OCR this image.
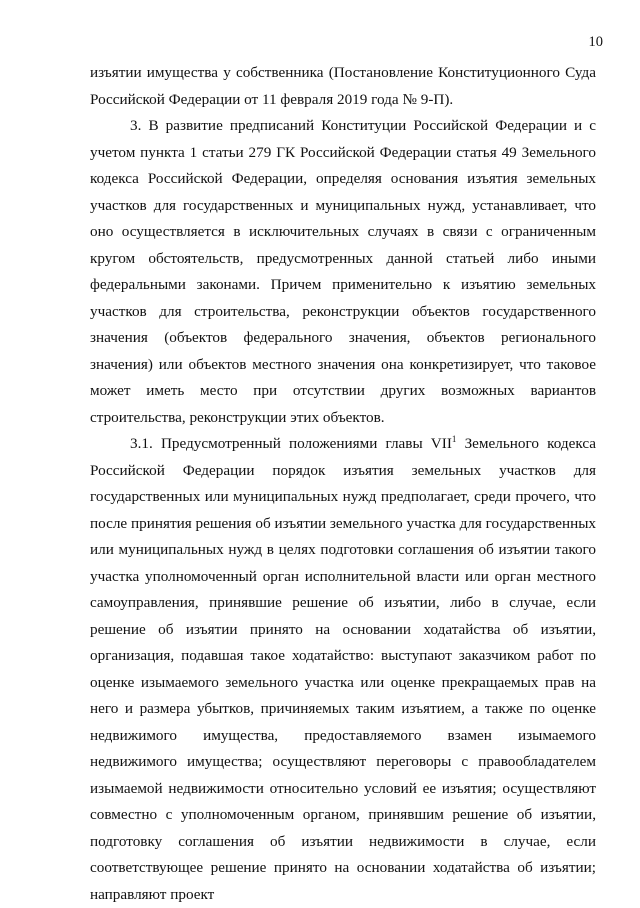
10

изъятии имущества у собственника (Постановление Конституционного Суда Российской Федерации от 11 февраля 2019 года № 9-П).

3. В развитие предписаний Конституции Российской Федерации и с учетом пункта 1 статьи 279 ГК Российской Федерации статья 49 Земельного кодекса Российской Федерации, определяя основания изъятия земельных участков для государственных и муниципальных нужд, устанавливает, что оно осуществляется в исключительных случаях в связи с ограниченным кругом обстоятельств, предусмотренных данной статьей либо иными федеральными законами. Причем применительно к изъятию земельных участков для строительства, реконструкции объектов государственного значения (объектов федерального значения, объектов регионального значения) или объектов местного значения она конкретизирует, что таковое может иметь место при отсутствии других возможных вариантов строительства, реконструкции этих объектов.

3.1. Предусмотренный положениями главы VII$^1$ Земельного кодекса Российской Федерации порядок изъятия земельных участков для государственных или муниципальных нужд предполагает, среди прочего, что после принятия решения об изъятии земельного участка для государственных или муниципальных нужд в целях подготовки соглашения об изъятии такого участка уполномоченный орган исполнительной власти или орган местного самоуправления, принявшие решение об изъятии, либо в случае, если решение об изъятии принято на основании ходатайства об изъятии, организация, подавшая такое ходатайство: выступают заказчиком работ по оценке изымаемого земельного участка или оценке прекращаемых прав на него и размера убытков, причиняемых таким изъятием, а также по оценке недвижимого имущества, предоставляемого взамен изымаемого недвижимого имущества; осуществляют переговоры с правообладателем изымаемой недвижимости относительно условий ее изъятия; осуществляют совместно с уполномоченным органом, принявшим решение об изъятии, подготовку соглашения об изъятии недвижимости в случае, если соответствующее решение принято на основании ходатайства об изъятии; направляют проект
